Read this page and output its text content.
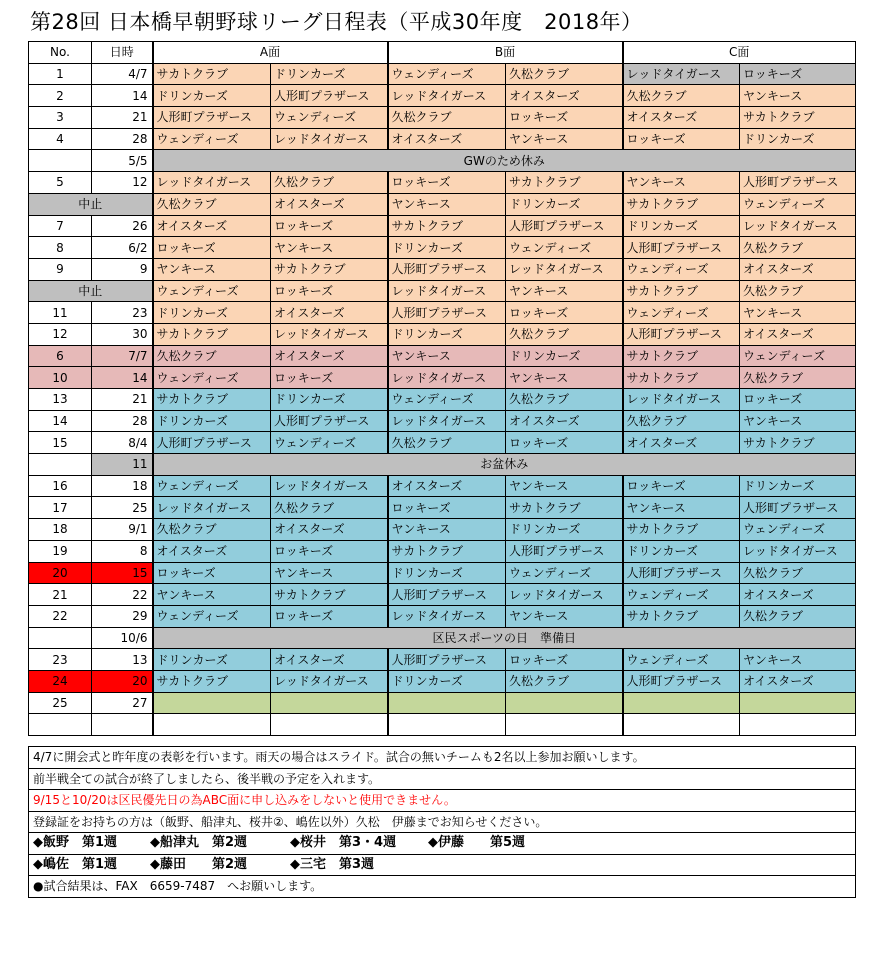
第28回 日本橋早朝野球リーグ日程表（平成30年度　2018年）
No.	日時	A面		B面		C面	
1	4/7	サカトクラブ	ドリンカーズ	ウェンディーズ	久松クラブ	レッドタイガース	ロッキーズ
2	14	ドリンカーズ	人形町プラザース	レッドタイガース	オイスターズ	久松クラブ	ヤンキース
3	21	人形町プラザース	ウェンディーズ	久松クラブ	ロッキーズ	オイスターズ	サカトクラブ
4	28	ウェンディーズ	レッドタイガース	オイスターズ	ヤンキース	ロッキーズ	ドリンカーズ
	5/5	GWのため休み					
5	12	レッドタイガース	久松クラブ	ロッキーズ	サカトクラブ	ヤンキース	人形町プラザース
中止		久松クラブ	オイスターズ	ヤンキース	ドリンカーズ	サカトクラブ	ウェンディーズ
7	26	オイスターズ	ロッキーズ	サカトクラブ	人形町プラザース	ドリンカーズ	レッドタイガース
8	6/2	ロッキーズ	ヤンキース	ドリンカーズ	ウェンディーズ	人形町プラザース	久松クラブ
9	9	ヤンキース	サカトクラブ	人形町プラザース	レッドタイガース	ウェンディーズ	オイスターズ
中止		ウェンディーズ	ロッキーズ	レッドタイガース	ヤンキース	サカトクラブ	久松クラブ
11	23	ドリンカーズ	オイスターズ	人形町プラザース	ロッキーズ	ウェンディーズ	ヤンキース
12	30	サカトクラブ	レッドタイガース	ドリンカーズ	久松クラブ	人形町プラザース	オイスターズ
6	7/7	久松クラブ	オイスターズ	ヤンキース	ドリンカーズ	サカトクラブ	ウェンディーズ
10	14	ウェンディーズ	ロッキーズ	レッドタイガース	ヤンキース	サカトクラブ	久松クラブ
13	21	サカトクラブ	ドリンカーズ	ウェンディーズ	久松クラブ	レッドタイガース	ロッキーズ
14	28	ドリンカーズ	人形町プラザース	レッドタイガース	オイスターズ	久松クラブ	ヤンキース
15	8/4	人形町プラザース	ウェンディーズ	久松クラブ	ロッキーズ	オイスターズ	サカトクラブ
	11	お盆休み					
16	18	ウェンディーズ	レッドタイガース	オイスターズ	ヤンキース	ロッキーズ	ドリンカーズ
17	25	レッドタイガース	久松クラブ	ロッキーズ	サカトクラブ	ヤンキース	人形町プラザース
18	9/1	久松クラブ	オイスターズ	ヤンキース	ドリンカーズ	サカトクラブ	ウェンディーズ
19	8	オイスターズ	ロッキーズ	サカトクラブ	人形町プラザース	ドリンカーズ	レッドタイガース
20	15	ロッキーズ	ヤンキース	ドリンカーズ	ウェンディーズ	人形町プラザース	久松クラブ
21	22	ヤンキース	サカトクラブ	人形町プラザース	レッドタイガース	ウェンディーズ	オイスターズ
22	29	ウェンディーズ	ロッキーズ	レッドタイガース	ヤンキース	サカトクラブ	久松クラブ
	10/6	区民スポーツの日　準備日					
23	13	ドリンカーズ	オイスターズ	人形町プラザース	ロッキーズ	ウェンディーズ	ヤンキース
24	20	サカトクラブ	レッドタイガース	ドリンカーズ	久松クラブ	人形町プラザース	オイスターズ
25	27						

4/7に開会式と昨年度の表彰を行います。雨天の場合はスライド。試合の無いチームも2名以上参加お願いします。
前半戦全ての試合が終了しましたら、後半戦の予定を入れます。
9/15と10/20は区民優先日の為ABC面に申し込みをしないと使用できません。
登録証をお持ちの方は（飯野、船津丸、桜井②、嶋佐以外）久松　伊藤までお知らせください。
◆飯野　第1週	◆船津丸　第2週	◆桜井　第3・4週 ◆伊藤　　第5週
◆嶋佐　第1週	◆藤田　　第2週	◆三宅　第3週
●試合結果は、FAX　6659-7487　へお願いします。
